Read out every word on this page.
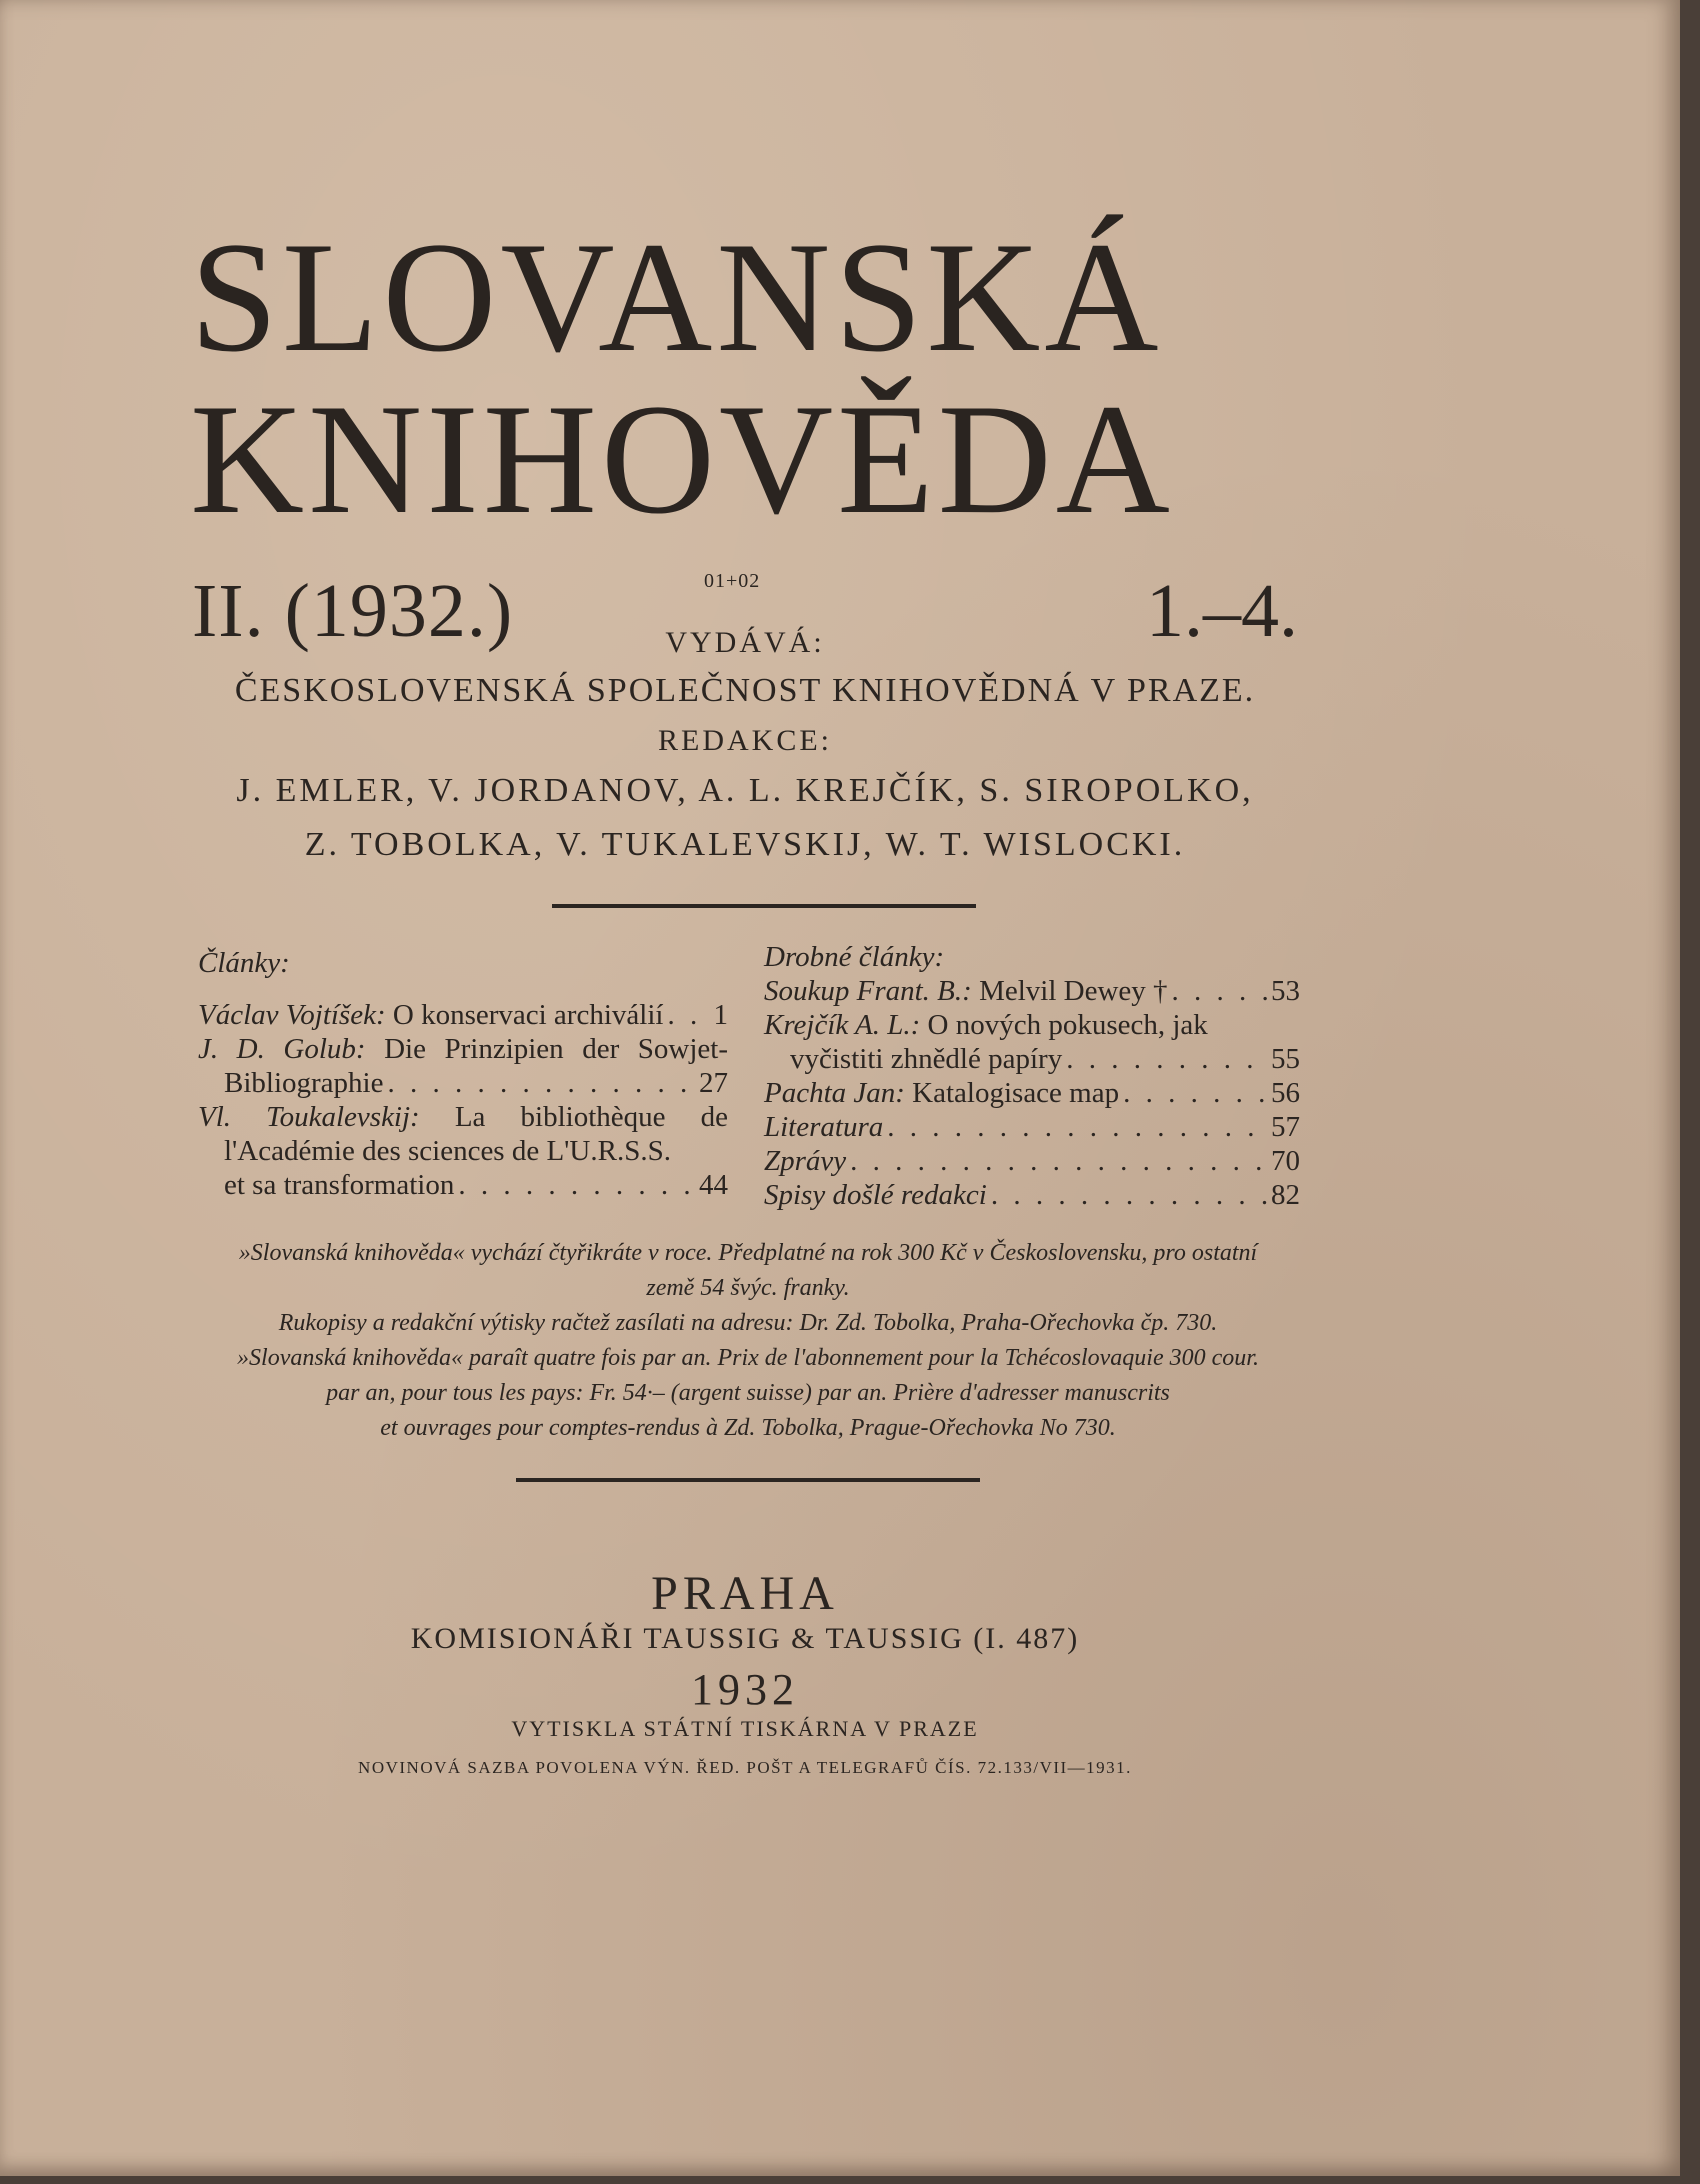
SLOVANSKÁ
KNIHOVĚDA
II. (1932.)	01+02	1.–4.
VYDÁVÁ:
ČESKOSLOVENSKÁ SPOLEČNOST KNIHOVĚDNÁ V PRAZE.
REDAKCE:
J. EMLER, V. JORDANOV, A. L. KREJČÍK, S. SIROPOLKO,
Z. TOBOLKA, V. TUKALEVSKIJ, W. T. WISLOCKI.
Články:
Václav Vojtíšek: O konservaci archiválií . . . 1
J. D. Golub: Die Prinzipien der Sowjet-
Bibliographie . . .	27
Vl. Toukalevskij: La bibliothèque de
l'Académie des sciences de L'U.R.S.S.
et sa transformation . . .	44
Drobné články:
Soukup Frant. B.: Melvil Dewey † . . .	53
Krejčík A. L.: O nových pokusech, jak
vyčistiti zhnědlé papíry . . .	55
Pachta Jan: Katalogisace map . . .	56
Literatura . . .	57
Zprávy . . .	70
Spisy došlé redakci . . .	82
»Slovanská knihověda« vychází čtyřikráte v roce. Předplatné na rok 300 Kč v Československu, pro ostatní
země 54 švýc. franky.
Rukopisy a redakční výtisky račtež zasílati na adresu: Dr. Zd. Tobolka, Praha-Ořechovka čp. 730.
»Slovanská knihověda« paraît quatre fois par an. Prix de l'abonnement pour la Tchécoslovaquie 300 cour.
par an, pour tous les pays: Fr. 54·– (argent suisse) par an. Prière d'adresser manuscrits
et ouvrages pour comptes-rendus à Zd. Tobolka, Prague-Ořechovka No 730.
PRAHA
KOMISIONÁŘI TAUSSIG & TAUSSIG (I. 487)
1932
VYTISKLA STÁTNÍ TISKÁRNA V PRAZE
NOVINOVÁ SAZBA POVOLENA VÝN. ŘED. POŠT A TELEGRAFŮ ČÍS. 72.133/VII—1931.
